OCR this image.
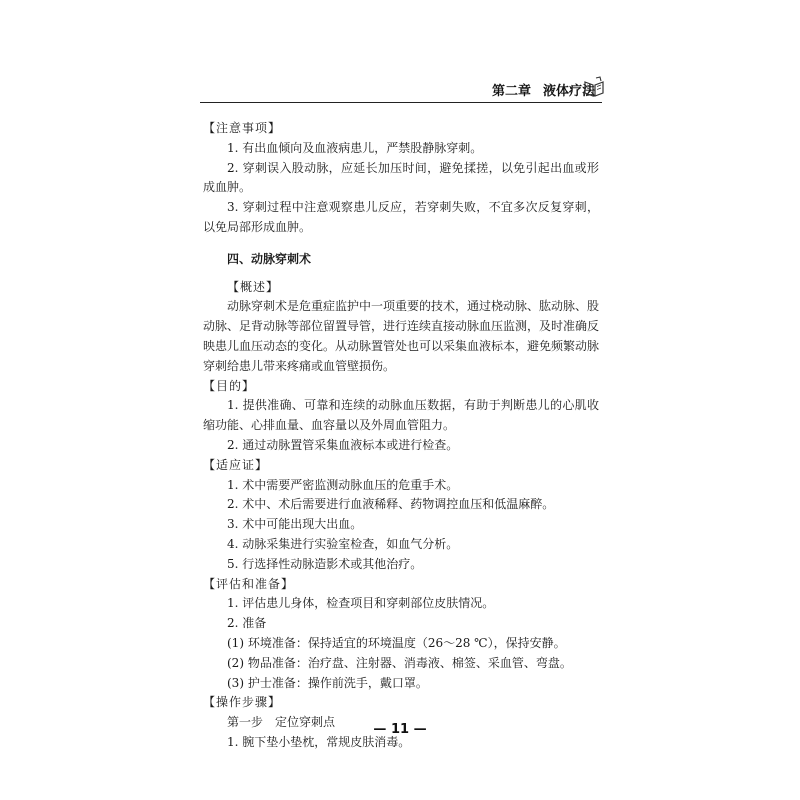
第二章 液体疗法

【注意事项】

1. 有出血倾向及血液病患儿，严禁股静脉穿刺。

2. 穿刺误入股动脉，应延长加压时间，避免揉搓，以免引起出血或形成血肿。

3. 穿刺过程中注意观察患儿反应，若穿刺失败，不宜多次反复穿刺，以免局部形成血肿。

四、动脉穿刺术

【概述】

动脉穿刺术是危重症监护中一项重要的技术，通过桡动脉、肱动脉、股动脉、足背动脉等部位留置导管，进行连续直接动脉血压监测，及时准确反映患儿血压动态的变化。从动脉置管处也可以采集血液标本，避免频繁动脉穿刺给患儿带来疼痛或血管壁损伤。

【目的】

1. 提供准确、可靠和连续的动脉血压数据，有助于判断患儿的心肌收缩功能、心排血量、血容量以及外周血管阻力。

2. 通过动脉置管采集血液标本或进行检查。

【适应证】

1. 术中需要严密监测动脉血压的危重手术。

2. 术中、术后需要进行血液稀释、药物调控血压和低温麻醉。

3. 术中可能出现大出血。

4. 动脉采集进行实验室检查，如血气分析。

5. 行选择性动脉造影术或其他治疗。

【评估和准备】

1. 评估患儿身体，检查项目和穿刺部位皮肤情况。

2. 准备

(1) 环境准备：保持适宜的环境温度（26～28 ℃），保持安静。

(2) 物品准备：治疗盘、注射器、消毒液、棉签、采血管、弯盘。

(3) 护士准备：操作前洗手，戴口罩。

【操作步骤】

第一步　定位穿刺点

1. 腕下垫小垫枕，常规皮肤消毒。

— 11 —
